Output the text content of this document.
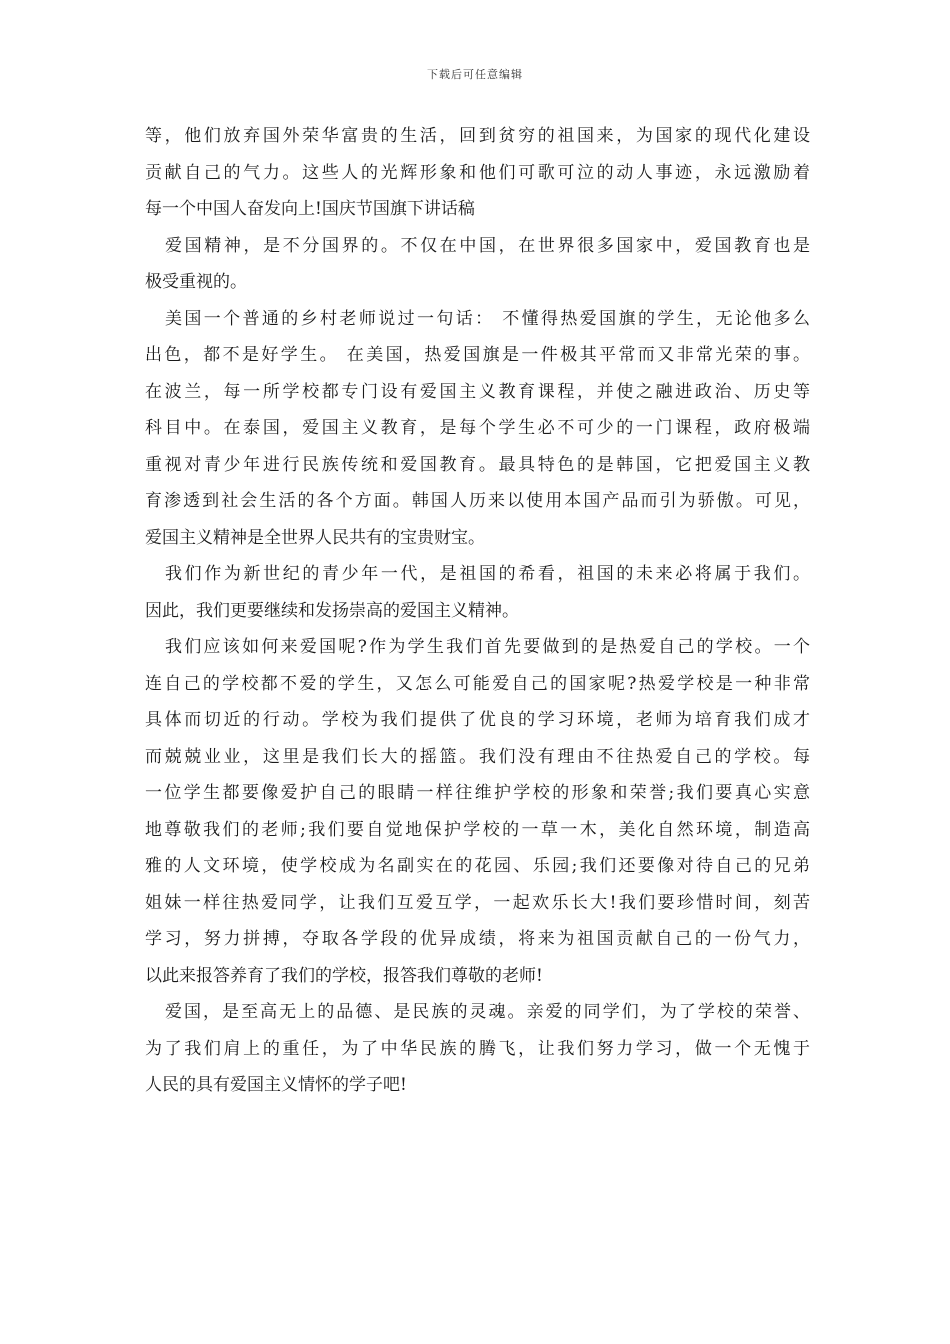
下载后可任意编辑
等，他们放弃国外荣华富贵的生活，回到贫穷的祖国来，为国家的现代化建设
贡献自己的气力。这些人的光辉形象和他们可歌可泣的动人事迹，永远激励着
每一个中国人奋发向上!国庆节国旗下讲话稿
爱国精神，是不分国界的。不仅在中国，在世界很多国家中，爱国教育也是
极受重视的。
美国一个普通的乡村老师说过一句话： 不懂得热爱国旗的学生，无论他多么
出色，都不是好学生。 在美国，热爱国旗是一件极其平常而又非常光荣的事。
在波兰，每一所学校都专门设有爱国主义教育课程，并使之融进政治、历史等
科目中。在泰国，爱国主义教育，是每个学生必不可少的一门课程，政府极端
重视对青少年进行民族传统和爱国教育。最具特色的是韩国，它把爱国主义教
育渗透到社会生活的各个方面。韩国人历来以使用本国产品而引为骄傲。可见，
爱国主义精神是全世界人民共有的宝贵财宝。
我们作为新世纪的青少年一代，是祖国的希看，祖国的未来必将属于我们。
因此，我们更要继续和发扬崇高的爱国主义精神。
我们应该如何来爱国呢?作为学生我们首先要做到的是热爱自己的学校。一个
连自己的学校都不爱的学生，又怎么可能爱自己的国家呢?热爱学校是一种非常
具体而切近的行动。学校为我们提供了优良的学习环境，老师为培育我们成才
而兢兢业业，这里是我们长大的摇篮。我们没有理由不往热爱自己的学校。每
一位学生都要像爱护自己的眼睛一样往维护学校的形象和荣誉;我们要真心实意
地尊敬我们的老师;我们要自觉地保护学校的一草一木，美化自然环境，制造高
雅的人文环境，使学校成为名副实在的花园、乐园;我们还要像对待自己的兄弟
姐妹一样往热爱同学，让我们互爱互学，一起欢乐长大!我们要珍惜时间，刻苦
学习，努力拼搏，夺取各学段的优异成绩，将来为祖国贡献自己的一份气力，
以此来报答养育了我们的学校，报答我们尊敬的老师!
爱国，是至高无上的品德、是民族的灵魂。亲爱的同学们，为了学校的荣誉、
为了我们肩上的重任，为了中华民族的腾飞，让我们努力学习，做一个无愧于
人民的具有爱国主义情怀的学子吧!
